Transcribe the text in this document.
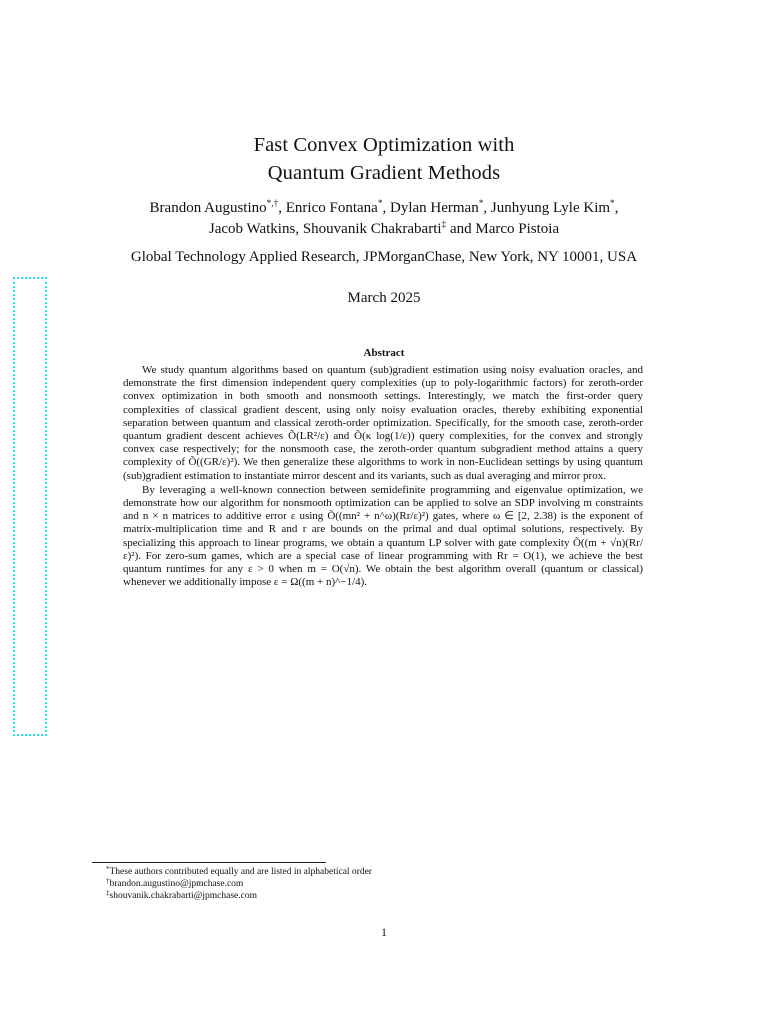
Fast Convex Optimization with
Quantum Gradient Methods
Brandon Augustino*,†, Enrico Fontana*, Dylan Herman*, Junhyung Lyle Kim*,
Jacob Watkins, Shouvanik Chakrabarti‡ and Marco Pistoia
Global Technology Applied Research, JPMorganChase, New York, NY 10001, USA
March 2025
Abstract

We study quantum algorithms based on quantum (sub)gradient estimation using noisy evaluation oracles, and demonstrate the first dimension independent query complexities (up to poly-logarithmic factors) for zeroth-order convex optimization in both smooth and nonsmooth settings. Interestingly, we match the first-order query complexities of classical gradient descent, using only noisy evaluation oracles, thereby exhibiting exponential separation between quantum and classical zeroth-order optimization. Specifically, for the smooth case, zeroth-order quantum gradient descent achieves Õ(LR²/ε) and Õ(κ log(1/ε)) query complexities, for the convex and strongly convex case respectively; for the nonsmooth case, the zeroth-order quantum subgradient method attains a query complexity of Õ((GR/ε)²). We then generalize these algorithms to work in non-Euclidean settings by using quantum (sub)gradient estimation to instantiate mirror descent and its variants, such as dual averaging and mirror prox.

By leveraging a well-known connection between semidefinite programming and eigenvalue optimization, we demonstrate how our algorithm for nonsmooth optimization can be applied to solve an SDP involving m constraints and n × n matrices to additive error ε using Õ((mn² + n^ω)(Rr/ε)²) gates, where ω ∈ [2, 2.38) is the exponent of matrix-multiplication time and R and r are bounds on the primal and dual optimal solutions, respectively. By specializing this approach to linear programs, we obtain a quantum LP solver with gate complexity Õ((m + √n)(Rr/ε)²). For zero-sum games, which are a special case of linear programming with Rr = O(1), we achieve the best quantum runtimes for any ε > 0 when m = O(√n). We obtain the best algorithm overall (quantum or classical) whenever we additionally impose ε = Ω((m + n)^−1/4).

*These authors contributed equally and are listed in alphabetical order
†brandon.augustino@jpmchase.com
‡shouvanik.chakrabarti@jpmchase.com
1
